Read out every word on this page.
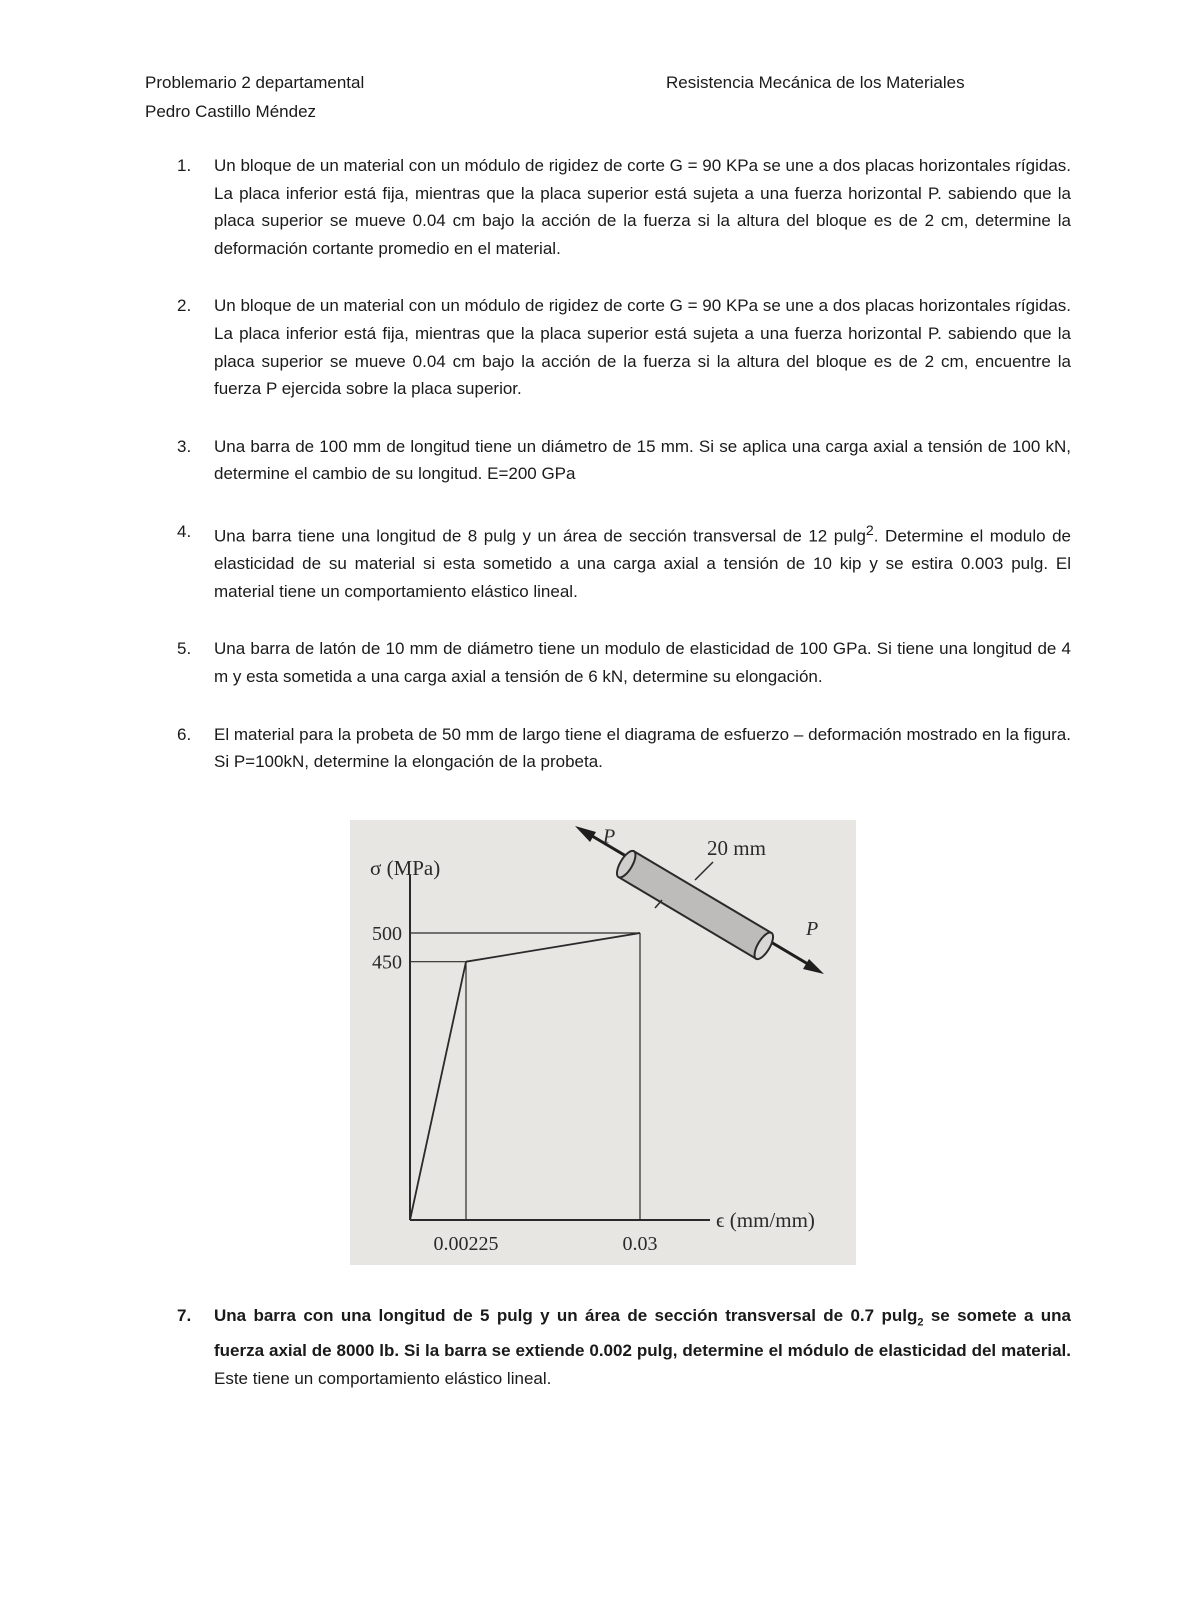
Problemario 2 departamental	Resistencia Mecánica de los Materiales
Pedro Castillo Méndez
1. Un bloque de un material con un módulo de rigidez de corte G = 90 KPa se une a dos placas horizontales rígidas. La placa inferior está fija, mientras que la placa superior está sujeta a una fuerza horizontal P. sabiendo que la placa superior se mueve 0.04 cm bajo la acción de la fuerza si la altura del bloque es de 2 cm, determine la deformación cortante promedio en el material.
2. Un bloque de un material con un módulo de rigidez de corte G = 90 KPa se une a dos placas horizontales rígidas. La placa inferior está fija, mientras que la placa superior está sujeta a una fuerza horizontal P. sabiendo que la placa superior se mueve 0.04 cm bajo la acción de la fuerza si la altura del bloque es de 2 cm, encuentre la fuerza P ejercida sobre la placa superior.
3. Una barra de 100 mm de longitud tiene un diámetro de 15 mm. Si se aplica una carga axial a tensión de 100 kN, determine el cambio de su longitud. E=200 GPa
4. Una barra tiene una longitud de 8 pulg y un área de sección transversal de 12 pulg$^2$. Determine el modulo de elasticidad de su material si esta sometido a una carga axial a tensión de 10 kip y se estira 0.003 pulg. El material tiene un comportamiento elástico lineal.
5. Una barra de latón de 10 mm de diámetro tiene un modulo de elasticidad de 100 GPa. Si tiene una longitud de 4 m y esta sometida a una carga axial a tensión de 6 kN, determine su elongación.
6. El material para la probeta de 50 mm de largo tiene el diagrama de esfuerzo – deformación mostrado en la figura. Si P=100kN, determine la elongación de la probeta.
σ (MPa)
ϵ (mm/mm)
500
450
0.00225	0.03
P
P
20 mm
7. Una barra con una longitud de 5 pulg y un área de sección transversal de 0.7 pulg$_2$ se somete a una fuerza axial de 8000 lb. Si la barra se extiende 0.002 pulg, determine el módulo de elasticidad del material. Este tiene un comportamiento elástico lineal.
